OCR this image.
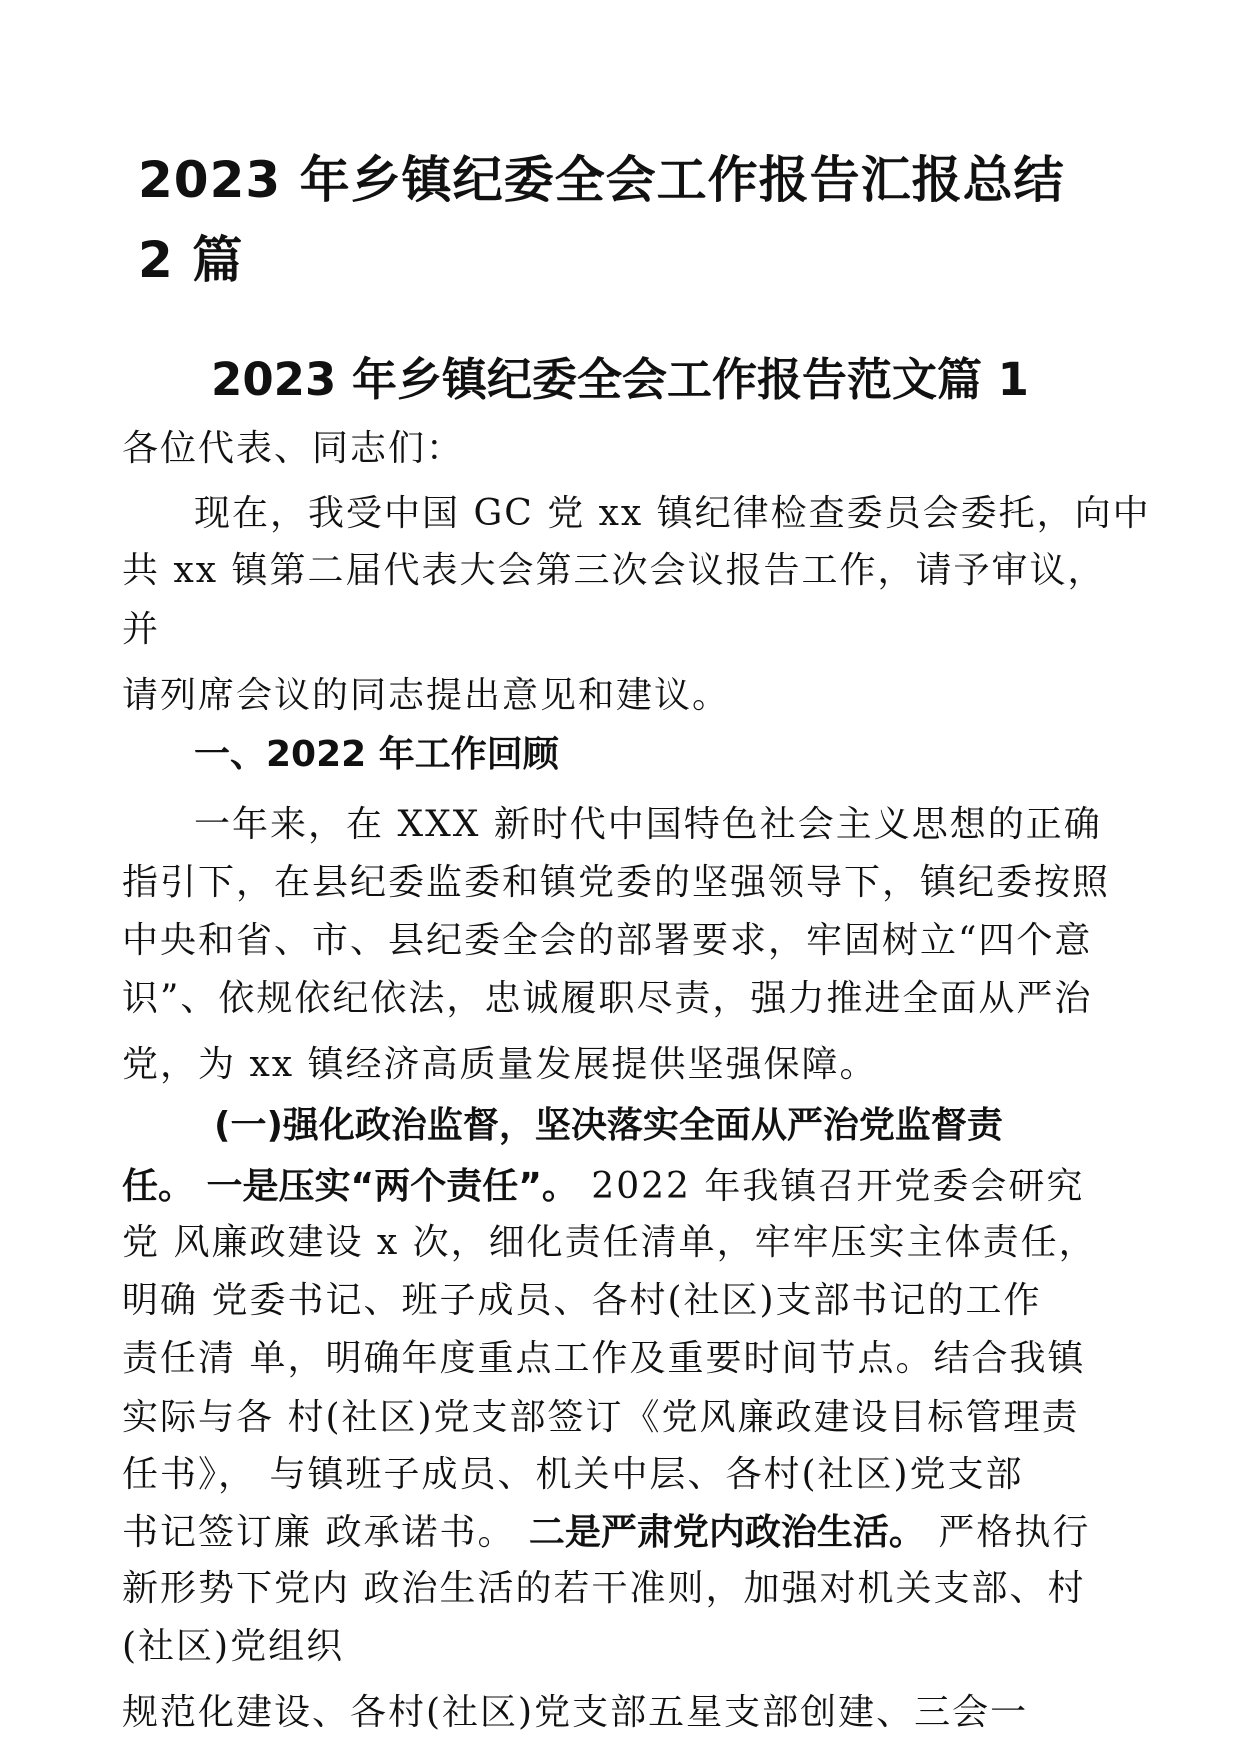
2023 年乡镇纪委全会工作报告汇报总结 2 篇
2023 年乡镇纪委全会工作报告范文篇 1

各位代表、同志们：

现在，我受中国 GC 党 xx 镇纪律检查委员会委托，向中

共 xx 镇第二届代表大会第三次会议报告工作，请予审议，

并

请列席会议的同志提出意见和建议。

一、2022 年工作回顾

一年来，在 XXX 新时代中国特色社会主义思想的正确

指引下，在县纪委监委和镇党委的坚强领导下，镇纪委按照

中央和省、市、县纪委全会的部署要求，牢固树立“四个意

识”、依规依纪依法，忠诚履职尽责，强力推进全面从严治

党，为 xx 镇经济高质量发展提供坚强保障。

(一)强化政治监督，坚决落实全面从严治党监督责

任。 一是压实“两个责任”。 2022 年我镇召开党委会研究

党 风廉政建设 x 次，细化责任清单，牢牢压实主体责任，

明确 党委书记、班子成员、各村(社区)支部书记的工作

责任清 单，明确年度重点工作及重要时间节点。结合我镇

实际与各 村(社区)党支部签订《党风廉政建设目标管理责

任书》， 与镇班子成员、机关中层、各村(社区)党支部

书记签订廉 政承诺书。 二是严肃党内政治生活。 严格执行

新形势下党内 政治生活的若干准则，加强对机关支部、村

(社区)党组织

规范化建设、各村(社区)党支部五星支部创建、三会一
